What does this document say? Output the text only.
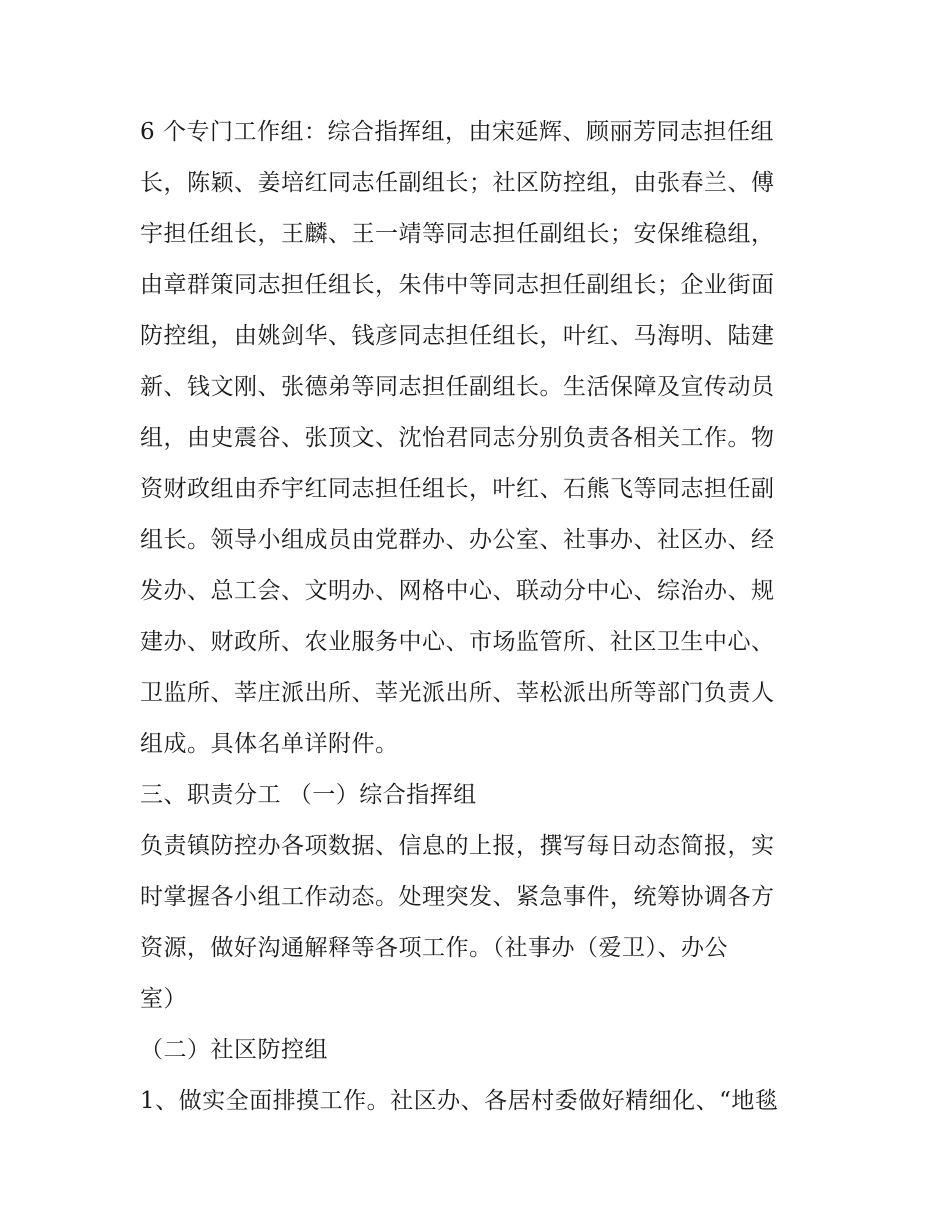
6 个专门工作组：综合指挥组，由宋延辉、顾丽芳同志担任组
长，陈颖、姜培红同志任副组长；社区防控组，由张春兰、傅
宇担任组长，王麟、王一靖等同志担任副组长；安保维稳组，
由章群策同志担任组长，朱伟中等同志担任副组长；企业街面
防控组，由姚剑华、钱彦同志担任组长，叶红、马海明、陆建
新、钱文刚、张德弟等同志担任副组长。生活保障及宣传动员
组，由史震谷、张顶文、沈怡君同志分别负责各相关工作。物
资财政组由乔宇红同志担任组长，叶红、石熊飞等同志担任副
组长。领导小组成员由党群办、办公室、社事办、社区办、经
发办、总工会、文明办、网格中心、联动分中心、综治办、规
建办、财政所、农业服务中心、市场监管所、社区卫生中心、
卫监所、莘庄派出所、莘光派出所、莘松派出所等部门负责人
组成。具体名单详附件。
三、职责分工 （一）综合指挥组
负责镇防控办各项数据、信息的上报，撰写每日动态简报，实
时掌握各小组工作动态。处理突发、紧急事件，统筹协调各方
资源，做好沟通解释等各项工作。（社事办（爱卫）、办公
室）
（二）社区防控组
1、做实全面排摸工作。社区办、各居村委做好精细化、“地毯
